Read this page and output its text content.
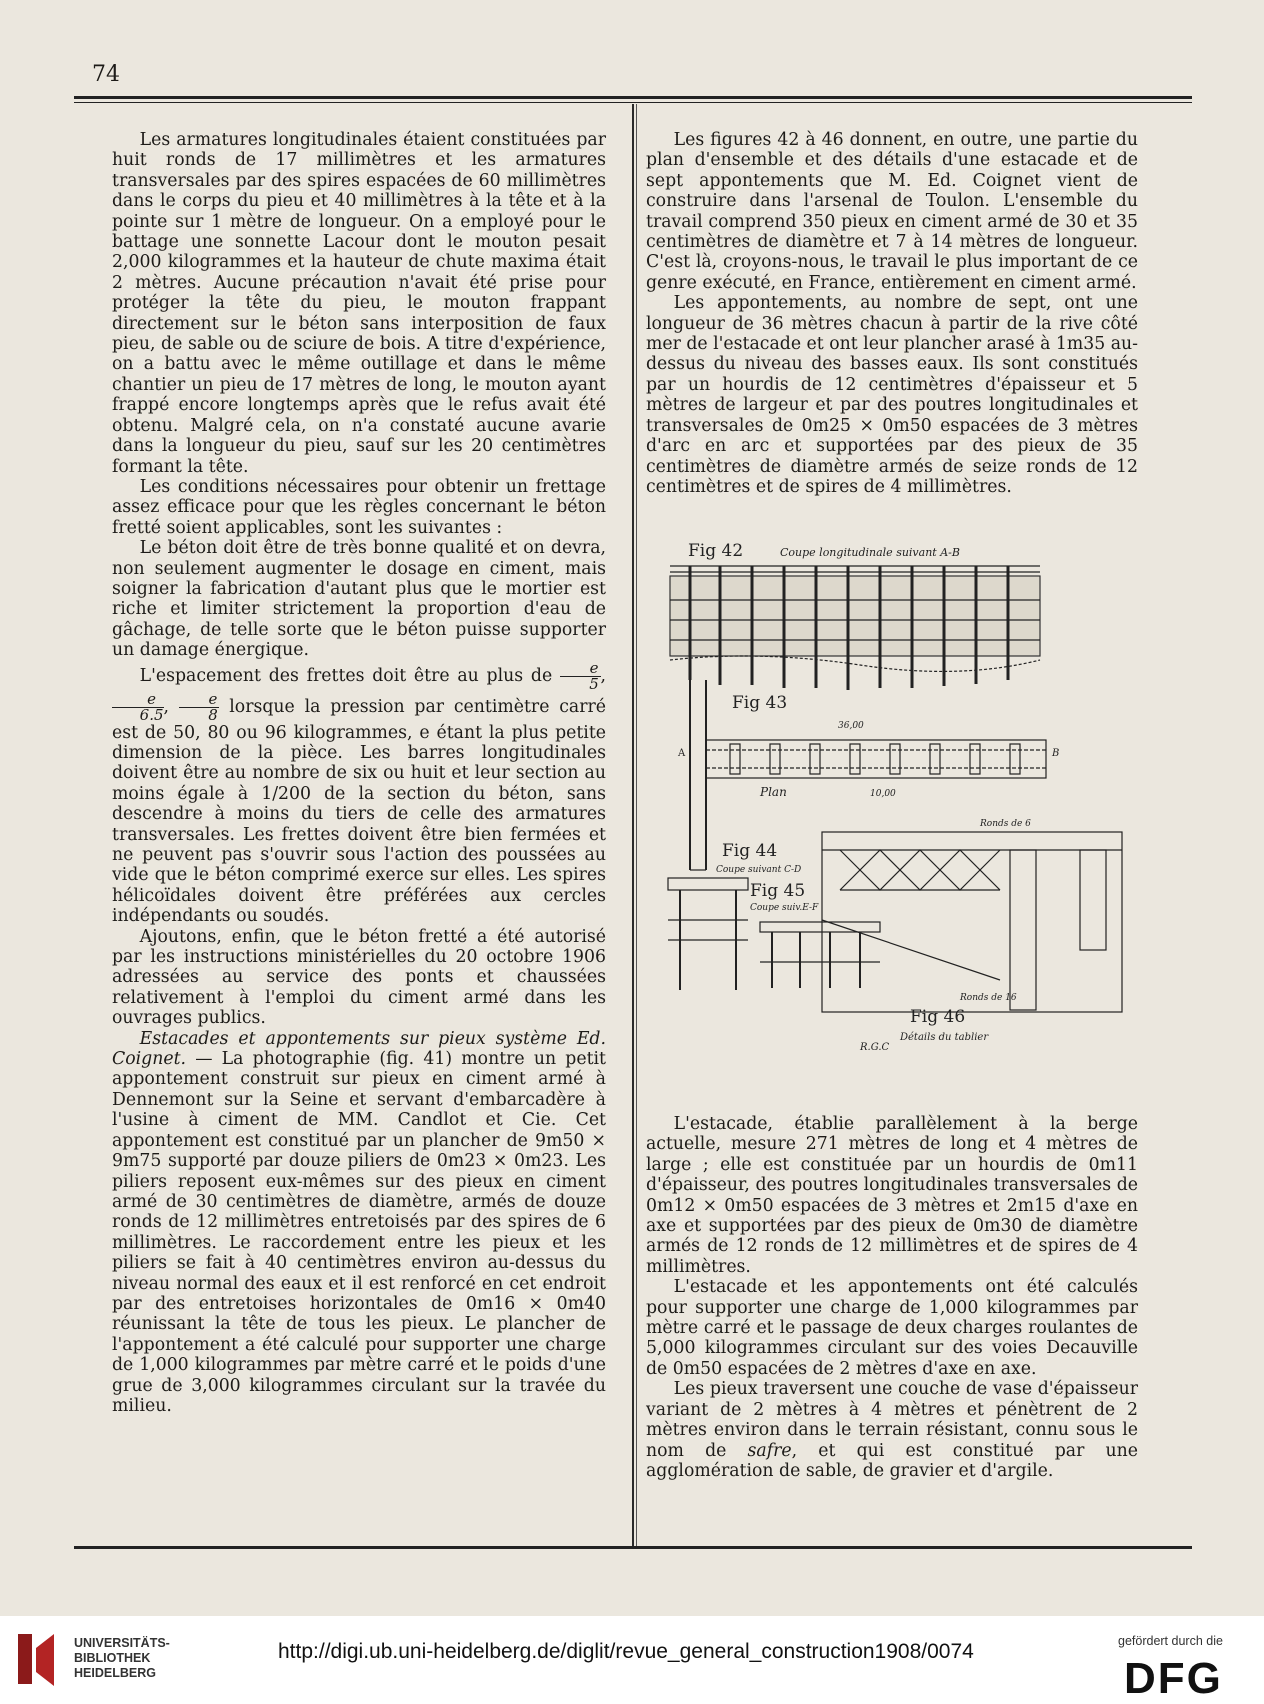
74

Les armatures longitudinales étaient constituées par huit ronds de 17 millimètres et les armatures transversales par des spires espacées de 60 millimètres dans le corps du pieu et 40 millimètres à la tête et à la pointe sur 1 mètre de longueur. On a employé pour le battage une sonnette Lacour dont le mouton pesait 2,000 kilogrammes et la hauteur de chute maxima était 2 mètres. Aucune précaution n'avait été prise pour protéger la tête du pieu, le mouton frappant directement sur le béton sans interposition de faux pieu, de sable ou de sciure de bois. A titre d'expérience, on a battu avec le même outillage et dans le même chantier un pieu de 17 mètres de long, le mouton ayant frappé encore longtemps après que le refus avait été obtenu. Malgré cela, on n'a constaté aucune avarie dans la longueur du pieu, sauf sur les 20 centimètres formant la tête.

Les conditions nécessaires pour obtenir un frettage assez efficace pour que les règles concernant le béton fretté soient applicables, sont les suivantes :

Le béton doit être de très bonne qualité et on devra, non seulement augmenter le dosage en ciment, mais soigner la fabrication d'autant plus que le mortier est riche et limiter strictement la proportion d'eau de gâchage, de telle sorte que le béton puisse supporter un damage énergique.

L'espacement des frettes doit être au plus de $\frac{e}{5}$ ,
$\frac{e}{6.5}$ , $\frac{e}{8}$ lorsque la pression par centimètre carré est de 50, 80 ou 96 kilogrammes, e étant la plus petite dimension de la pièce. Les barres longitudinales doivent être au nombre de six ou huit et leur section au moins égale à 1/200 de la section du béton, sans descendre à moins du tiers de celle des armatures transversales. Les frettes doivent être bien fermées et ne peuvent pas s'ouvrir sous l'action des poussées au vide que le béton comprimé exerce sur elles. Les spires hélicoïdales doivent être préférées aux cercles indépendants ou soudés.

Ajoutons, enfin, que le béton fretté a été autorisé par les instructions ministérielles du 20 octobre 1906 adressées au service des ponts et chaussées relativement à l'emploi du ciment armé dans les ouvrages publics.

Estacades et appontements sur pieux système Ed. Coignet. — La photographie (fig. 41) montre un petit appontement construit sur pieux en ciment armé à Dennemont sur la Seine et servant d'embarcadère à l'usine à ciment de MM. Candlot et Cie. Cet appontement est constitué par un plancher de 9m50 × 9m75 supporté par douze piliers de 0m23 × 0m23. Les piliers reposent eux-mêmes sur des pieux en ciment armé de 30 centimètres de diamètre, armés de douze ronds de 12 millimètres entretoisés par des spires de 6 millimètres. Le raccordement entre les pieux et les piliers se fait à 40 centimètres environ au-dessus du niveau normal des eaux et il est renforcé en cet endroit par des entretoises horizontales de 0m16 × 0m40 réunissant la tête de tous les pieux. Le plancher de l'appontement a été calculé pour supporter une charge de 1,000 kilogrammes par mètre carré et le poids d'une grue de 3,000 kilogrammes circulant sur la travée du milieu.

Les figures 42 à 46 donnent, en outre, une partie du plan d'ensemble et des détails d'une estacade et de sept appontements que M. Ed. Coignet vient de construire dans l'arsenal de Toulon. L'ensemble du travail comprend 350 pieux en ciment armé de 30 et 35 centimètres de diamètre et 7 à 14 mètres de longueur. C'est là, croyons-nous, le travail le plus important de ce genre exécuté, en France, entièrement en ciment armé.

Les appontements, au nombre de sept, ont une longueur de 36 mètres chacun à partir de la rive côté mer de l'estacade et ont leur plancher arasé à 1m35 au-dessus du niveau des basses eaux. Ils sont constitués par un hourdis de 12 centimètres d'épaisseur et 5 mètres de largeur et par des poutres longitudinales et transversales de 0m25 × 0m50 espacées de 3 mètres d'arc en arc et supportées par des pieux de 35 centimètres de diamètre armés de seize ronds de 12 centimètres et de spires de 4 millimètres.

Fig 42	Coupe longitudinale suivant A-B
Fig 43
36,00
Plan	10,00
A	B
Fig 44
Coupe suivant C-D
Fig 45
Coupe suiv.E-F
Ronds de 6
Ronds de 16
Fig 46
Détails du tablier
R.G.C

L'estacade, établie parallèlement à la berge actuelle, mesure 271 mètres de long et 4 mètres de large ; elle est constituée par un hourdis de 0m11 d'épaisseur, des poutres longitudinales transversales de 0m12 × 0m50 espacées de 3 mètres et 2m15 d'axe en axe et supportées par des pieux de 0m30 de diamètre armés de 12 ronds de 12 millimètres et de spires de 4 millimètres.

L'estacade et les appontements ont été calculés pour supporter une charge de 1,000 kilogrammes par mètre carré et le passage de deux charges roulantes de 5,000 kilogrammes circulant sur des voies Decauville de 0m50 espacées de 2 mètres d'axe en axe.

Les pieux traversent une couche de vase d'épaisseur variant de 2 mètres à 4 mètres et pénètrent de 2 mètres environ dans le terrain résistant, connu sous le nom de safre, et qui est constitué par une agglomération de sable, de gravier et d'argile.

UNIVERSITÄTS-
BIBLIOTHEK
HEIDELBERG
http://digi.ub.uni-heidelberg.de/diglit/revue_general_construction1908/0074	gefördert durch die
DFG
